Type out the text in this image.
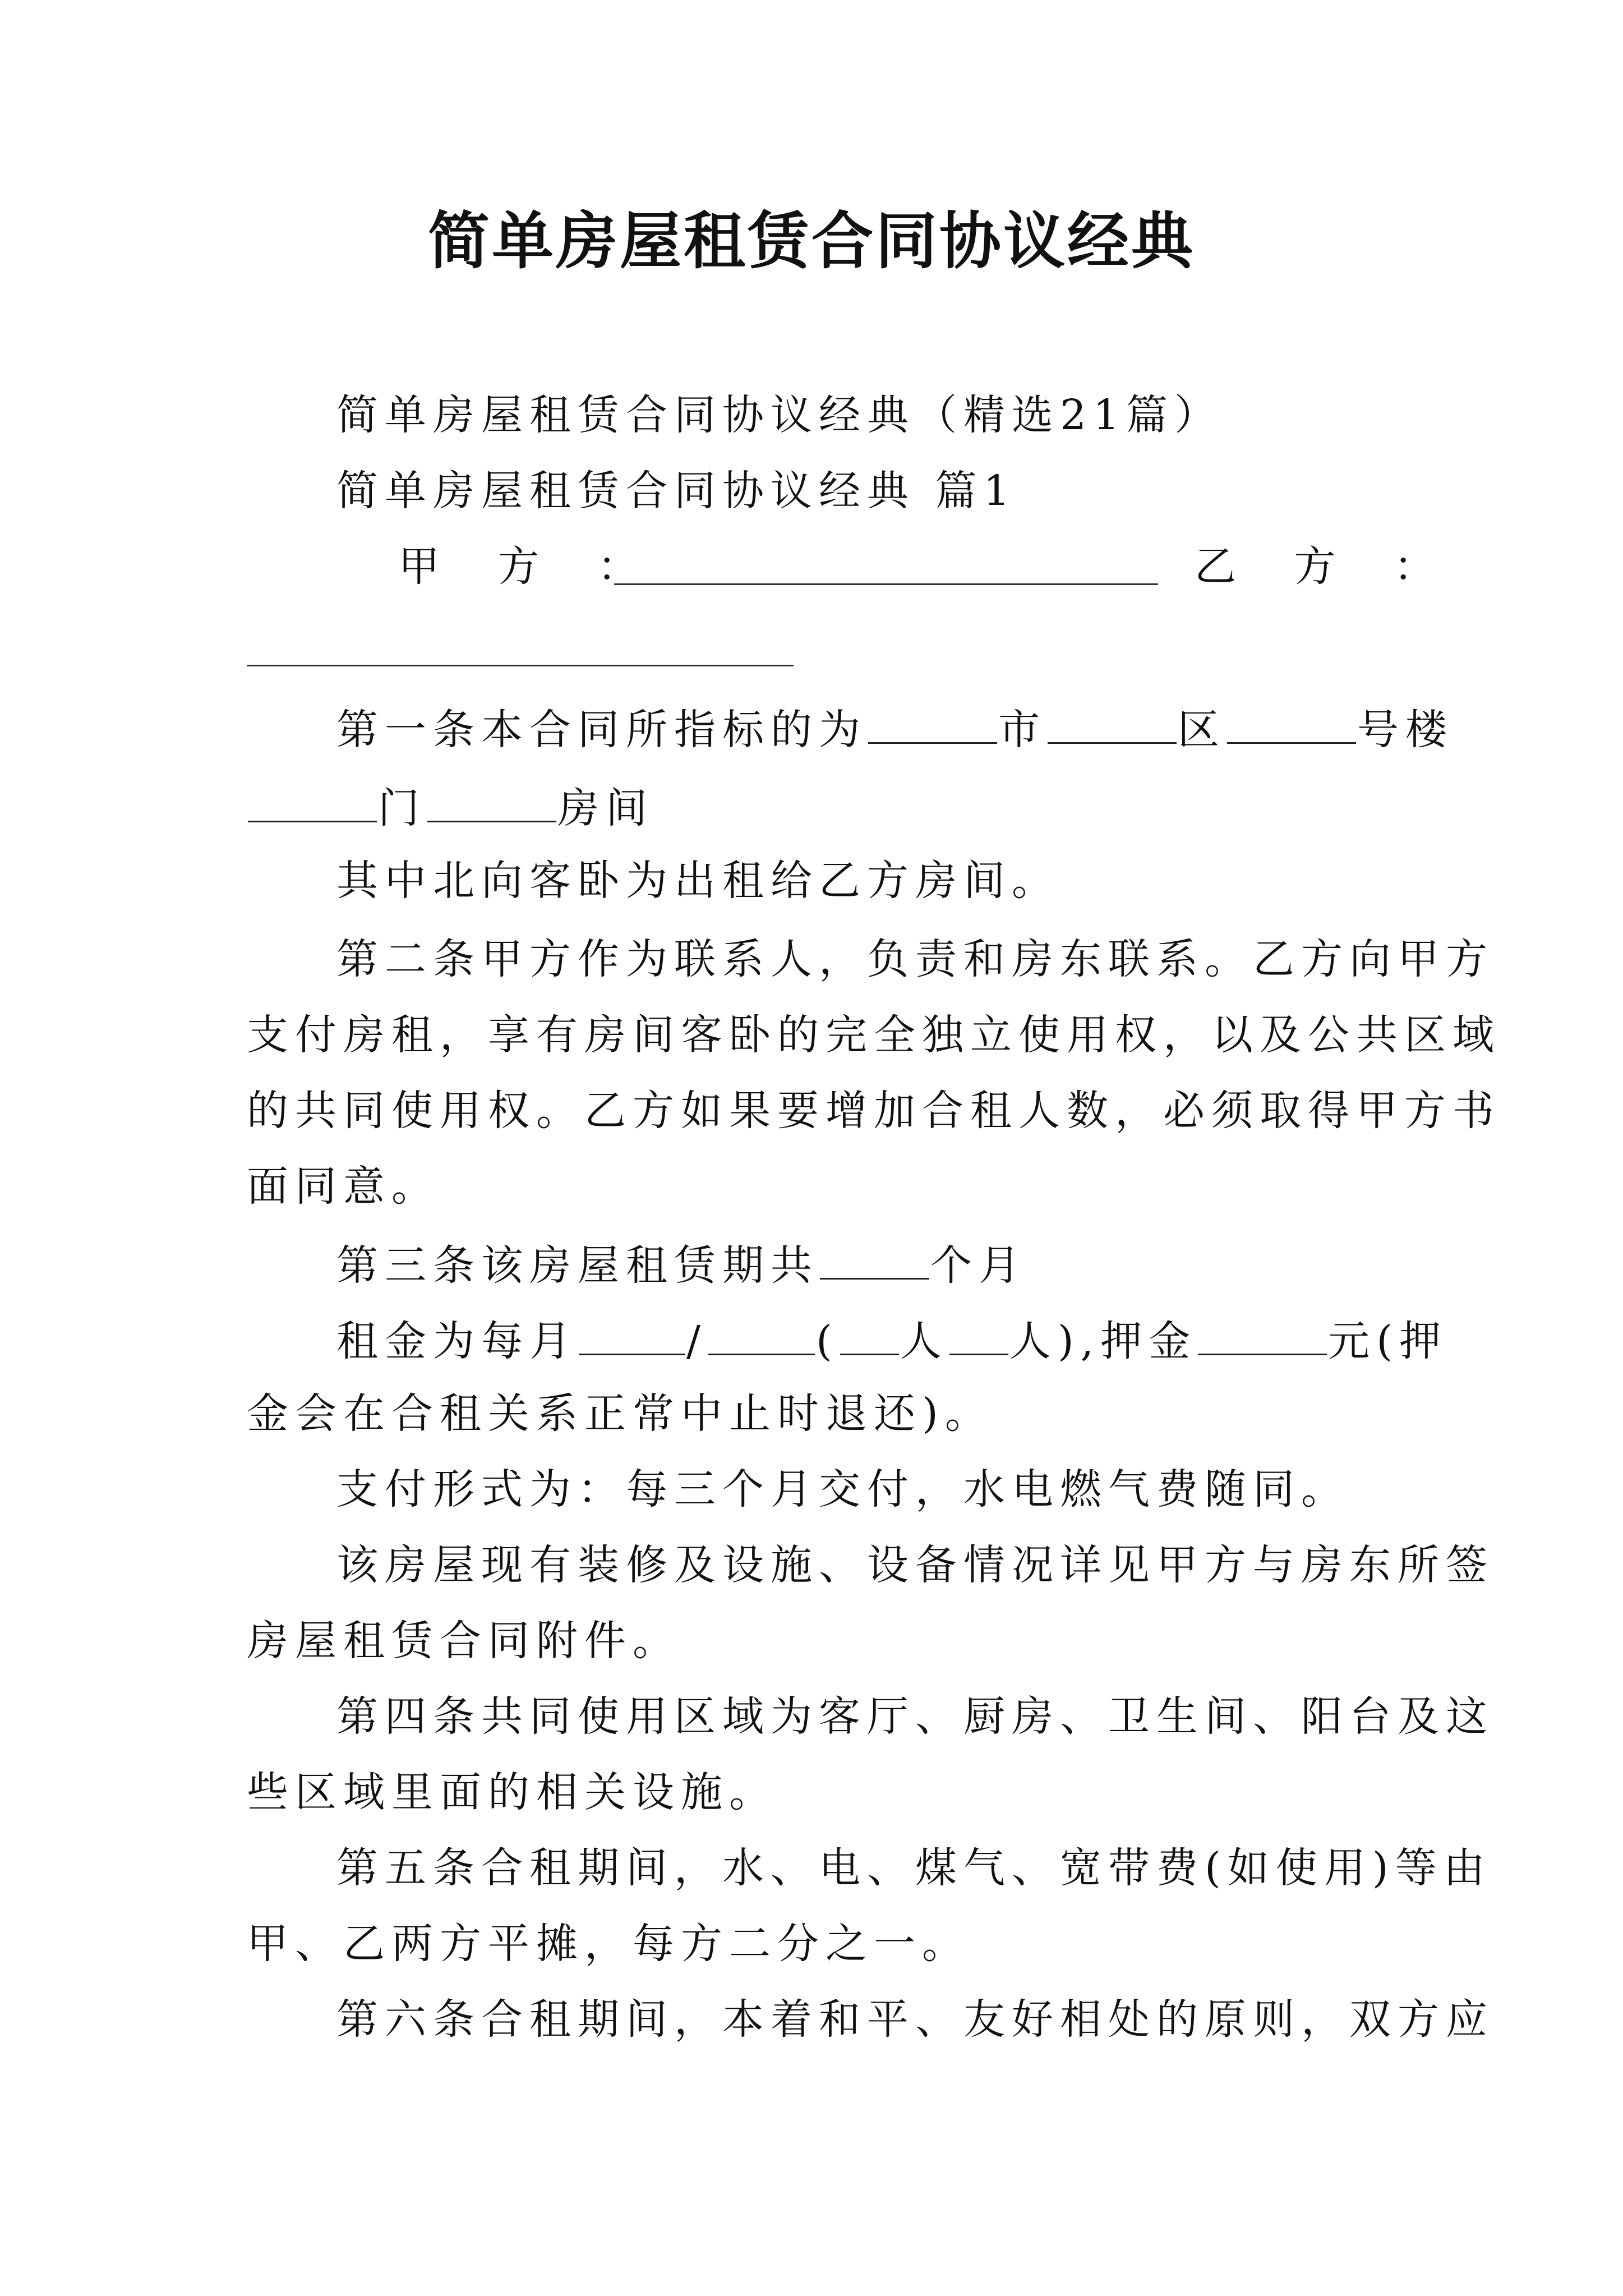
简单房屋租赁合同协议经典
简单房屋租赁合同协议经典（精选21篇）
简单房屋租赁合同协议经典 篇1
甲 方 ：	乙 方 ：
第一条本合同所指标的为	市	区	号楼
门	房间
其中北向客卧为出租给乙方房间。
第二条甲方作为联系人，负责和房东联系。乙方向甲方
支付房租，享有房间客卧的完全独立使用权，以及公共区域
的共同使用权。乙方如果要增加合租人数，必须取得甲方书
面同意。
第三条该房屋租赁期共	个月
租金为每月	/	( 人 人),押金	元(押
金会在合租关系正常中止时退还)。
支付形式为：每三个月交付，水电燃气费随同。
该房屋现有装修及设施、设备情况详见甲方与房东所签
房屋租赁合同附件。
第四条共同使用区域为客厅、厨房、卫生间、阳台及这
些区域里面的相关设施。
第五条合租期间，水、电、煤气、宽带费(如使用)等由
甲、乙两方平摊，每方二分之一。
第六条合租期间，本着和平、友好相处的原则，双方应
